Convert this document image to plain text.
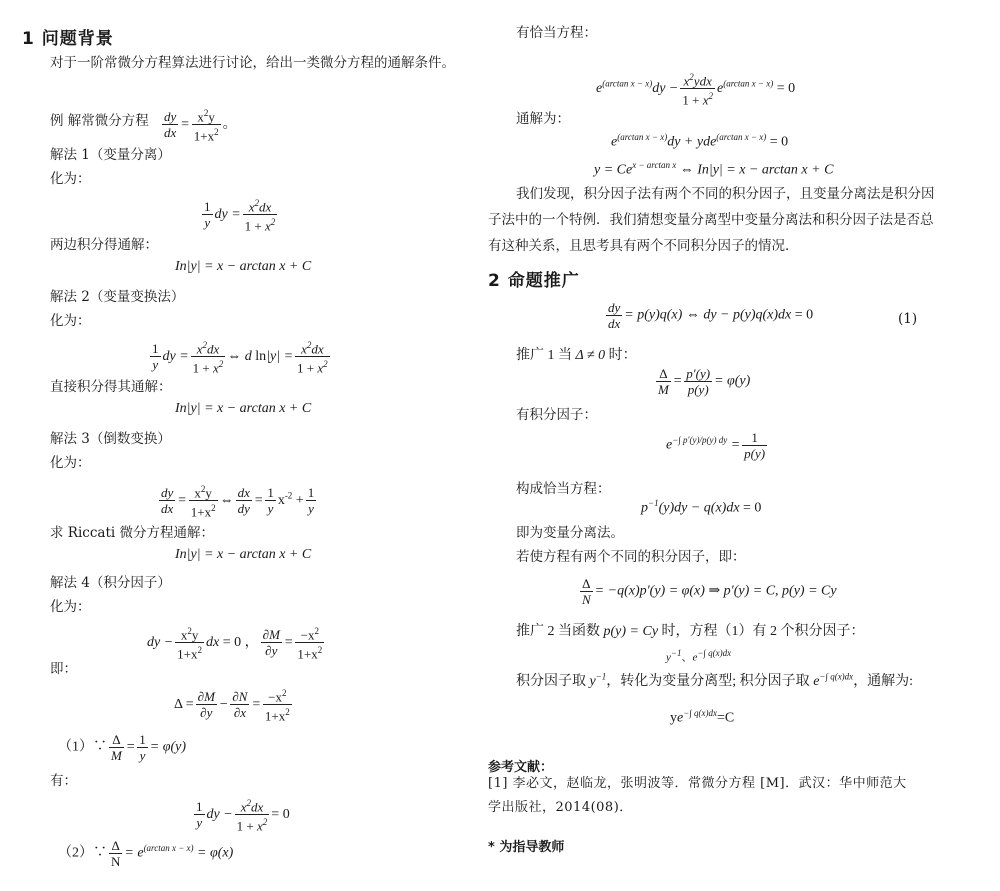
1 问题背景
对于一阶常微分方程算法进行讨论，给出一类微分方程的通解条件。
例 解常微分方程 $\frac{dy}{dx} = \frac{x^2y}{1+x^2}$ 。
解法 1（变量分离）
化为：
$\frac{1}{y}$ dy = $\frac{x^2dx}{1 + x^2}$
两边积分得通解：
In|y| = x − arctan x + C
解法 2（变量变换法）
化为：
$\frac{1}{y}$ dy = $\frac{x^2dx}{1 + x^2}$ ⇔ d $\ln|y| = \frac{x^2dx}{1 + x^2}$
直接积分得其通解：
In|y| = x − arctan x + C
解法 3（倒数变换）
化为：
$\frac{dy}{dx} = \frac{x^2y}{1+x^2}$ ⇔ $\frac{dx}{dy} = \frac{1}{y} x^{-2} + \frac{1}{y}$
求 Riccati 微分方程通解：
In|y| = x − arctan x + C
解法 4（积分因子）
化为：
dy − $\frac{x^2y}{1+x^2}$ dx = 0 ， $\frac{\partial M}{\partial y} = \frac{-x^2}{1+x^2}$
即：
$\Delta = \frac{\partial M}{\partial y} - \frac{\partial N}{\partial x} = \frac{-x^2}{1+x^2}$
（1）∵ $\frac{\Delta}{M} = \frac{1}{y} = \varphi(y)$
有：
$\frac{1}{y}$ dy − $\frac{x^2dx}{1 + x^2} = 0$
（2）∵ $\frac{\Delta}{N} = e^{(arctan x - x)} = \varphi(x)$
有恰当方程：
$e^{(arctan x - x)}dy - \frac{x^2ydx}{1 + x^2} e^{(arctan x - x)} = 0$
通解为：
$e^{(arctan x - x)}dy + yde^{(arctan x - x)} = 0$
$y = Ce^{x - arctan x}$ ⇔ In|y| = x − arctan x + C
我们发现，积分因子法有两个不同的积分因子，且变量分离法是积分因子法中的一个特例．我们猜想变量分离型中变量分离法和积分因子法是否总有这种关系，且思考具有两个不同积分因子的情况．
2 命题推广
$\frac{dy}{dx} = p(y)q(x)$ ⇔ dy − p(y)q(x)dx = 0	(1)
推广 1 当 Δ ≠ 0 时：
$\frac{\Delta}{M} = \frac{p'(y)}{p(y)} = \varphi(y)$
有积分因子：
$e^{-\int p'(y)/p(y) dy} = \frac{1}{p(y)}$
构成恰当方程：
$p^{-1}(y)dy - q(x)dx = 0$
即为变量分离法。
若使方程有两个不同的积分因子，即：
$\frac{\Delta}{N} = -q(x)p'(y) = \varphi(x)$ ⇒ p′(y) = C, p(y) = Cy
推广 2 当函数 p(y) = Cy 时，方程（1）有 2 个积分因子：
$y^{-1}$、$e^{-\int q(x)dx}$
积分因子取 $y^{-1}$，转化为变量分离型; 积分因子取 $e^{-\int q(x)dx}$，通解为:
$ye^{-\int q(x)dx}=C$
参考文献：
[1] 李必文，赵临龙，张明波等．常微分方程 [M]．武汉：华中师范大
学出版社，2014(08)．
* 为指导教师
